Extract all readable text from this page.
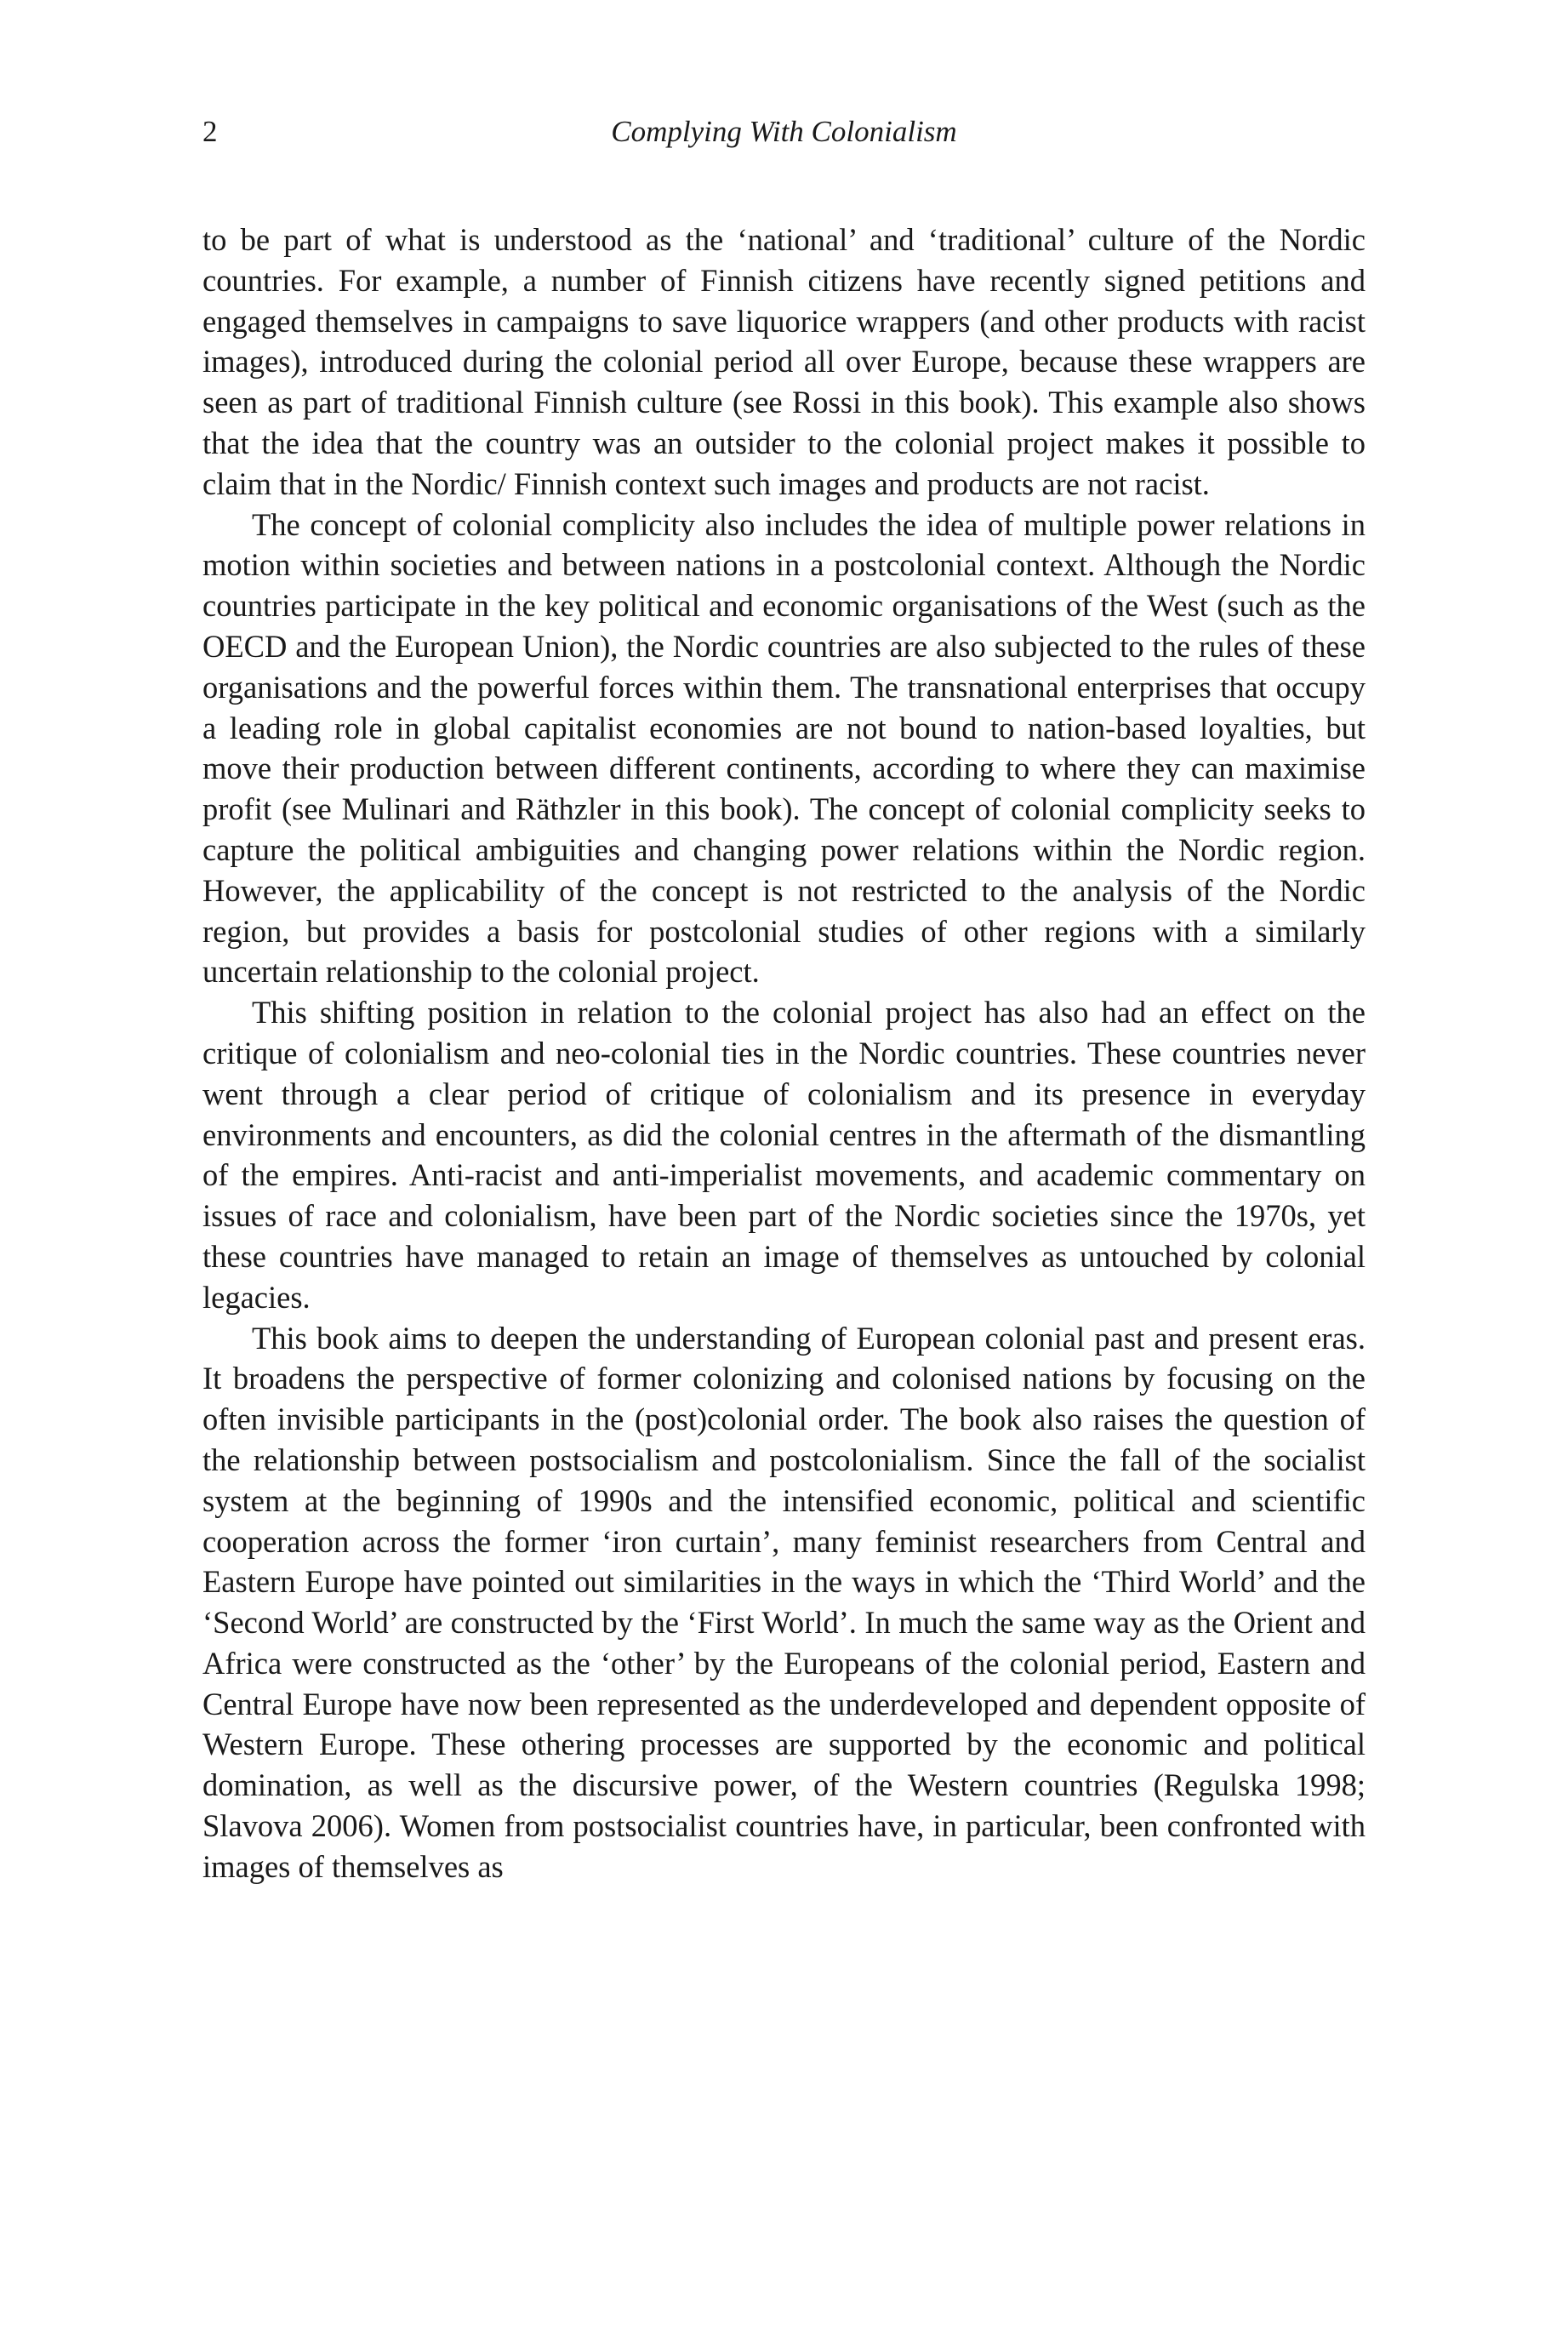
2	Complying With Colonialism

to be part of what is understood as the ‘national’ and ‘traditional’ culture of the Nordic countries. For example, a number of Finnish citizens have recently signed petitions and engaged themselves in campaigns to save liquorice wrappers (and other products with racist images), introduced during the colonial period all over Europe, because these wrappers are seen as part of traditional Finnish culture (see Rossi in this book). This example also shows that the idea that the country was an outsider to the colonial project makes it possible to claim that in the Nordic/ Finnish context such images and products are not racist.

The concept of colonial complicity also includes the idea of multiple power relations in motion within societies and between nations in a postcolonial context. Although the Nordic countries participate in the key political and economic organisations of the West (such as the OECD and the European Union), the Nordic countries are also subjected to the rules of these organisations and the powerful forces within them. The transnational enterprises that occupy a leading role in global capitalist economies are not bound to nation-based loyalties, but move their production between different continents, according to where they can maximise profit (see Mulinari and Räthzler in this book). The concept of colonial complicity seeks to capture the political ambiguities and changing power relations within the Nordic region. However, the applicability of the concept is not restricted to the analysis of the Nordic region, but provides a basis for postcolonial studies of other regions with a similarly uncertain relationship to the colonial project.

This shifting position in relation to the colonial project has also had an effect on the critique of colonialism and neo-colonial ties in the Nordic countries. These countries never went through a clear period of critique of colonialism and its presence in everyday environments and encounters, as did the colonial centres in the aftermath of the dismantling of the empires. Anti-racist and anti-imperialist movements, and academic commentary on issues of race and colonialism, have been part of the Nordic societies since the 1970s, yet these countries have managed to retain an image of themselves as untouched by colonial legacies.

This book aims to deepen the understanding of European colonial past and present eras. It broadens the perspective of former colonizing and colonised nations by focusing on the often invisible participants in the (post)colonial order. The book also raises the question of the relationship between postsocialism and postcolonialism. Since the fall of the socialist system at the beginning of 1990s and the intensified economic, political and scientific cooperation across the former ‘iron curtain’, many feminist researchers from Central and Eastern Europe have pointed out similarities in the ways in which the ‘Third World’ and the ‘Second World’ are constructed by the ‘First World’. In much the same way as the Orient and Africa were constructed as the ‘other’ by the Europeans of the colonial period, Eastern and Central Europe have now been represented as the underdeveloped and dependent opposite of Western Europe. These othering processes are supported by the economic and political domination, as well as the discursive power, of the Western countries (Regulska 1998; Slavova 2006). Women from postsocialist countries have, in particular, been confronted with images of themselves as
